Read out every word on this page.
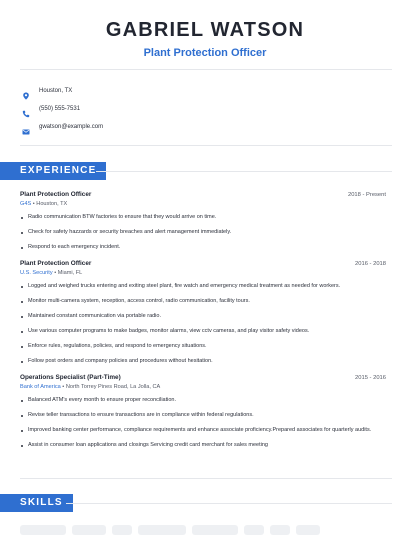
GABRIEL WATSON
Plant Protection Officer
Houston, TX
(550) 555-7531
gwatson@example.com
EXPERIENCE
Plant Protection Officer	2018 - Present
G4S • Houston, TX
Radio communication BTW factories to ensure that they would arrive on time.
Check for safety hazzards or security breaches and alert management immediately.
Respond to each emergency incident.
Plant Protection Officer	2016 - 2018
U.S. Security • Miami, FL
Logged and weighed trucks entering and exiting steel plant, fire watch and emergency medical treatment as needed for workers.
Monitor multi-camera system, reception, access control, radio communication, facility tours.
Maintained constant communication via portable radio.
Use various computer programs to make badges, monitor alarms, view cctv cameras, and play visitor safety videos.
Enforce rules, regulations, policies, and respond to emergency situations.
Follow post orders and company policies and procedures without hesitation.
Operations Specialist (Part-Time)	2015 - 2016
Bank of America • North Torrey Pines Road, La Jolla, CA
Balanced ATM's every month to ensure proper reconciliation.
Revise teller transactions to ensure transactions are in compliance within federal regulations.
Improved banking center performance, compliance requirements and enhance associate proficiency.Prepared associates for quarterly audits.
Assist in consumer loan applications and closings Servicing credit card merchant for sales meeting
SKILLS
